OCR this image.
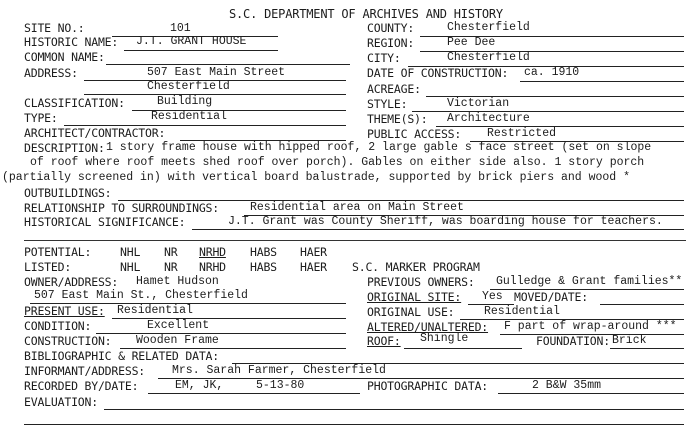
S.C. DEPARTMENT OF ARCHIVES AND HISTORY
SITE NO.:	101
HISTORIC NAME: J.T. GRANT HOUSE
COMMON NAME:
ADDRESS:	507 East Main Street
Chesterfield
CLASSIFICATION:	Building
TYPE:	Residential
ARCHITECT/CONTRACTOR:
COUNTY:	Chesterfield
REGION:	Pee Dee
CITY:	Chesterfield
DATE OF CONSTRUCTION: ca. 1910
ACREAGE:
STYLE:	Victorian
THEME(S): Architecture
PUBLIC ACCESS: Restricted
DESCRIPTION: 1 story frame house with hipped roof, 2 large gable s face street (set on slope
of roof where roof meets shed roof over porch). Gables on either side also. 1 story porch
(partially screened in) with vertical board balustrade, supported by brick piers and wood *
OUTBUILDINGS:
RELATIONSHIP TO SURROUNDINGS:	Residential area on Main Street
HISTORICAL SIGNIFICANCE:	J.T. Grant was County Sheriff, was boarding house for teachers.
POTENTIAL:	NHL NR NRHD HABS HAER
LISTED:	NHL NR NRHD HABS HAER S.C. MARKER PROGRAM
OWNER/ADDRESS: Hamet Hudson
507 East Main St., Chesterfield
PRESENT USE: Residential
CONDITION:	Excellent
CONSTRUCTION: Wooden Frame
BIBLIOGRAPHIC & RELATED DATA:
INFORMANT/ADDRESS: Mrs. Sarah Farmer, Chesterfield
RECORDED BY/DATE:	EM, JK,	5-13-80
EVALUATION:
PREVIOUS OWNERS: Gulledge & Grant families**
ORIGINAL SITE: Yes MOVED/DATE:
ORIGINAL USE:	Residential
ALTERED/UNALTERED: F part of wrap-around ***
ROOF: Shingle	FOUNDATION: Brick
PHOTOGRAPHIC DATA:	2 B&W 35mm
